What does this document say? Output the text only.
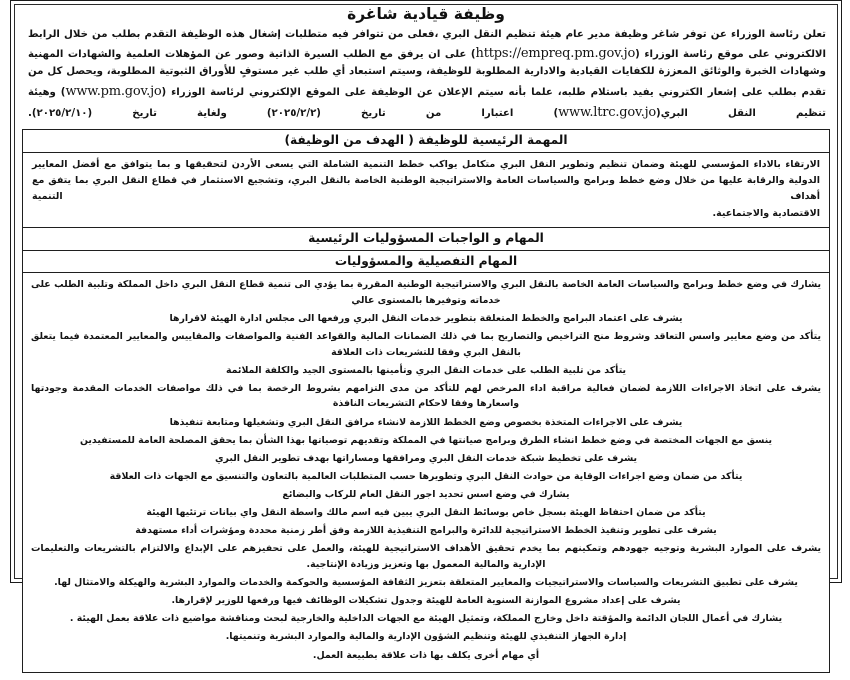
وظيفة قيادية شاغرة
تعلن رئاسة الوزراء عن توفر شاغر وظيفة مدير عام هيئة تنظيم النقل البري ،فعلى من تتوافر فيه متطلبات إشغال هذه الوظيفة التقدم بطلب من خلال الرابط الالكتروني على موقع رئاسة الوزراء (https://empreq.pm.gov.jo) على ان يرفق مع الطلب السيرة الذاتية وصور عن المؤهلات العلمية والشهادات المهنية وشهادات الخبرة والوثائق المعززة للكفايات القيادية والادارية المطلوبة للوظيفة، وسيتم استبعاد أي طلب غير مستوفٍ للأوراق الثبوتية المطلوبة، ويحصل كل من تقدم بطلب على إشعار الكتروني يفيد باستلام طلبه، علما بأنه سيتم الإعلان عن الوظيفة على الموقع الإلكتروني لرئاسة الوزراء (www.pm.gov.jo) وهيئة تنظيم النقل البري(www.ltrc.gov.jo) اعتبارا من تاريخ (٢٠٢٥/٢/٢) ولغاية تاريخ (٢٠٢٥/٢/١٠).
المهمة الرئيسية للوظيفة ( الهدف من الوظيفة)
الارتقاء بالاداء المؤسسي للهيئة وضمان تنظيم وتطوير النقل البري متكامل يواكب خطط التنمية الشاملة التي يسعى الأردن لتحقيقها و بما يتوافق مع أفضل المعايير الدولية والرقابة عليها من خلال وضع خطط وبرامج والسياسات العامة والاستراتيجية الوطنية الخاصة بالنقل البري، وتشجيع الاستثمار في قطاع النقل البري بما يتفق مع أهداف التنمية
الاقتصادية والاجتماعية.
المهام و الواجبات المسؤوليات الرئيسية
المهام التفصيلية والمسؤوليات
يشارك في وضع خطط وبرامج والسياسات العامة الخاصة بالنقل البري والاستراتيجية الوطنية المقررة بما يؤدي الى تنمية قطاع النقل البري داخل المملكة وتلبية الطلب على خدماته وتوفيرها بالمستوى عالي
يشرف على اعتماد البرامج والخطط المتعلقة بتطوير خدمات النقل البري ورفعها الى مجلس ادارة الهيئة لاقرارها
يتأكد من وضع معايير واسس التعاقد وشروط منح التراخيص والتصاريح بما في ذلك الضمانات المالية والقواعد الفنية والمواصفات والمقاييس والمعايير المعتمدة فيما يتعلق بالنقل البري وفقا للتشريعات ذات العلاقة
يتأكد من تلبية الطلب على خدمات النقل البري وتأمينها بالمستوى الجيد والكلفة الملائمة
يشرف على اتخاذ الاجراءات اللازمة لضمان فعالية مراقبة اداء المرخص لهم للتأكد من مدى التزامهم بشروط الرخصة بما في ذلك مواصفات الخدمات المقدمة وجودتها واسعارها وفقا لاحكام التشريعات النافذة
يشرف على الاجراءات المتخذة بخصوص وضع الخطط اللازمة لانشاء مرافق النقل البري وتشغيلها ومتابعة تنفيذها
ينسق مع الجهات المختصة في وضع خطط انشاء الطرق وبرامج صيانتها في المملكة وتقديهم توصياتها بهذا الشأن بما يحقق المصلحة العامة للمستفيدين
يشرف على تخطيط شبكة خدمات النقل البري ومرافقها ومساراتها بهدف تطوير النقل البري
يتأكد من ضمان وضع اجراءات الوقاية من حوادث النقل البري وتطويرها حسب المتطلبات العالمية بالتعاون والتنسيق مع الجهات ذات العلاقة
يشارك في وضع اسس تحديد اجور النقل العام للركاب والبضائع
يتأكد من ضمان احتفاظ الهيئة بسجل خاص بوسائط النقل البري يبين فيه اسم مالك واسطة النقل واي بيانات ترتئيها الهيئة
يشرف على تطوير وتنفيذ الخطط الاستراتيجية للدائرة والبرامج التنفيذية اللازمة وفق أطر زمنية محددة ومؤشرات أداء مستهدفة
يشرف على الموارد البشرية وتوجيه جهودهم وتمكينهم بما يخدم تحقيق الأهداف الاستراتيجية للهيئة، والعمل على تحفيزهم على الإبداع والالتزام بالتشريعات والتعليمات الإدارية والمالية المعمول بها وتعزيز وزيادة الإنتاجية.
يشرف على تطبيق التشريعات والسياسات والاستراتيجيات والمعايير المتعلقة بتعزيز الثقافة المؤسسية والحوكمة والخدمات والموارد البشرية والهيكلة والامتثال لها.
يشرف على إعداد مشروع الموازنة السنوية العامة للهيئة وجدول تشكيلات الوظائف فيها ورفعها للوزير لإقرارها.
يشارك في أعمال اللجان الدائمة والمؤقتة داخل وخارج المملكة، وتمثيل الهيئة مع الجهات الداخلية والخارجية لبحث ومناقشة مواضيع ذات علاقة بعمل الهيئة .
إدارة الجهاز التنفيذي للهيئة وتنظيم الشؤون الإدارية والمالية والموارد البشرية وتنميتها.
أي مهام أخرى يكلف بها ذات علاقة بطبيعة العمل.
